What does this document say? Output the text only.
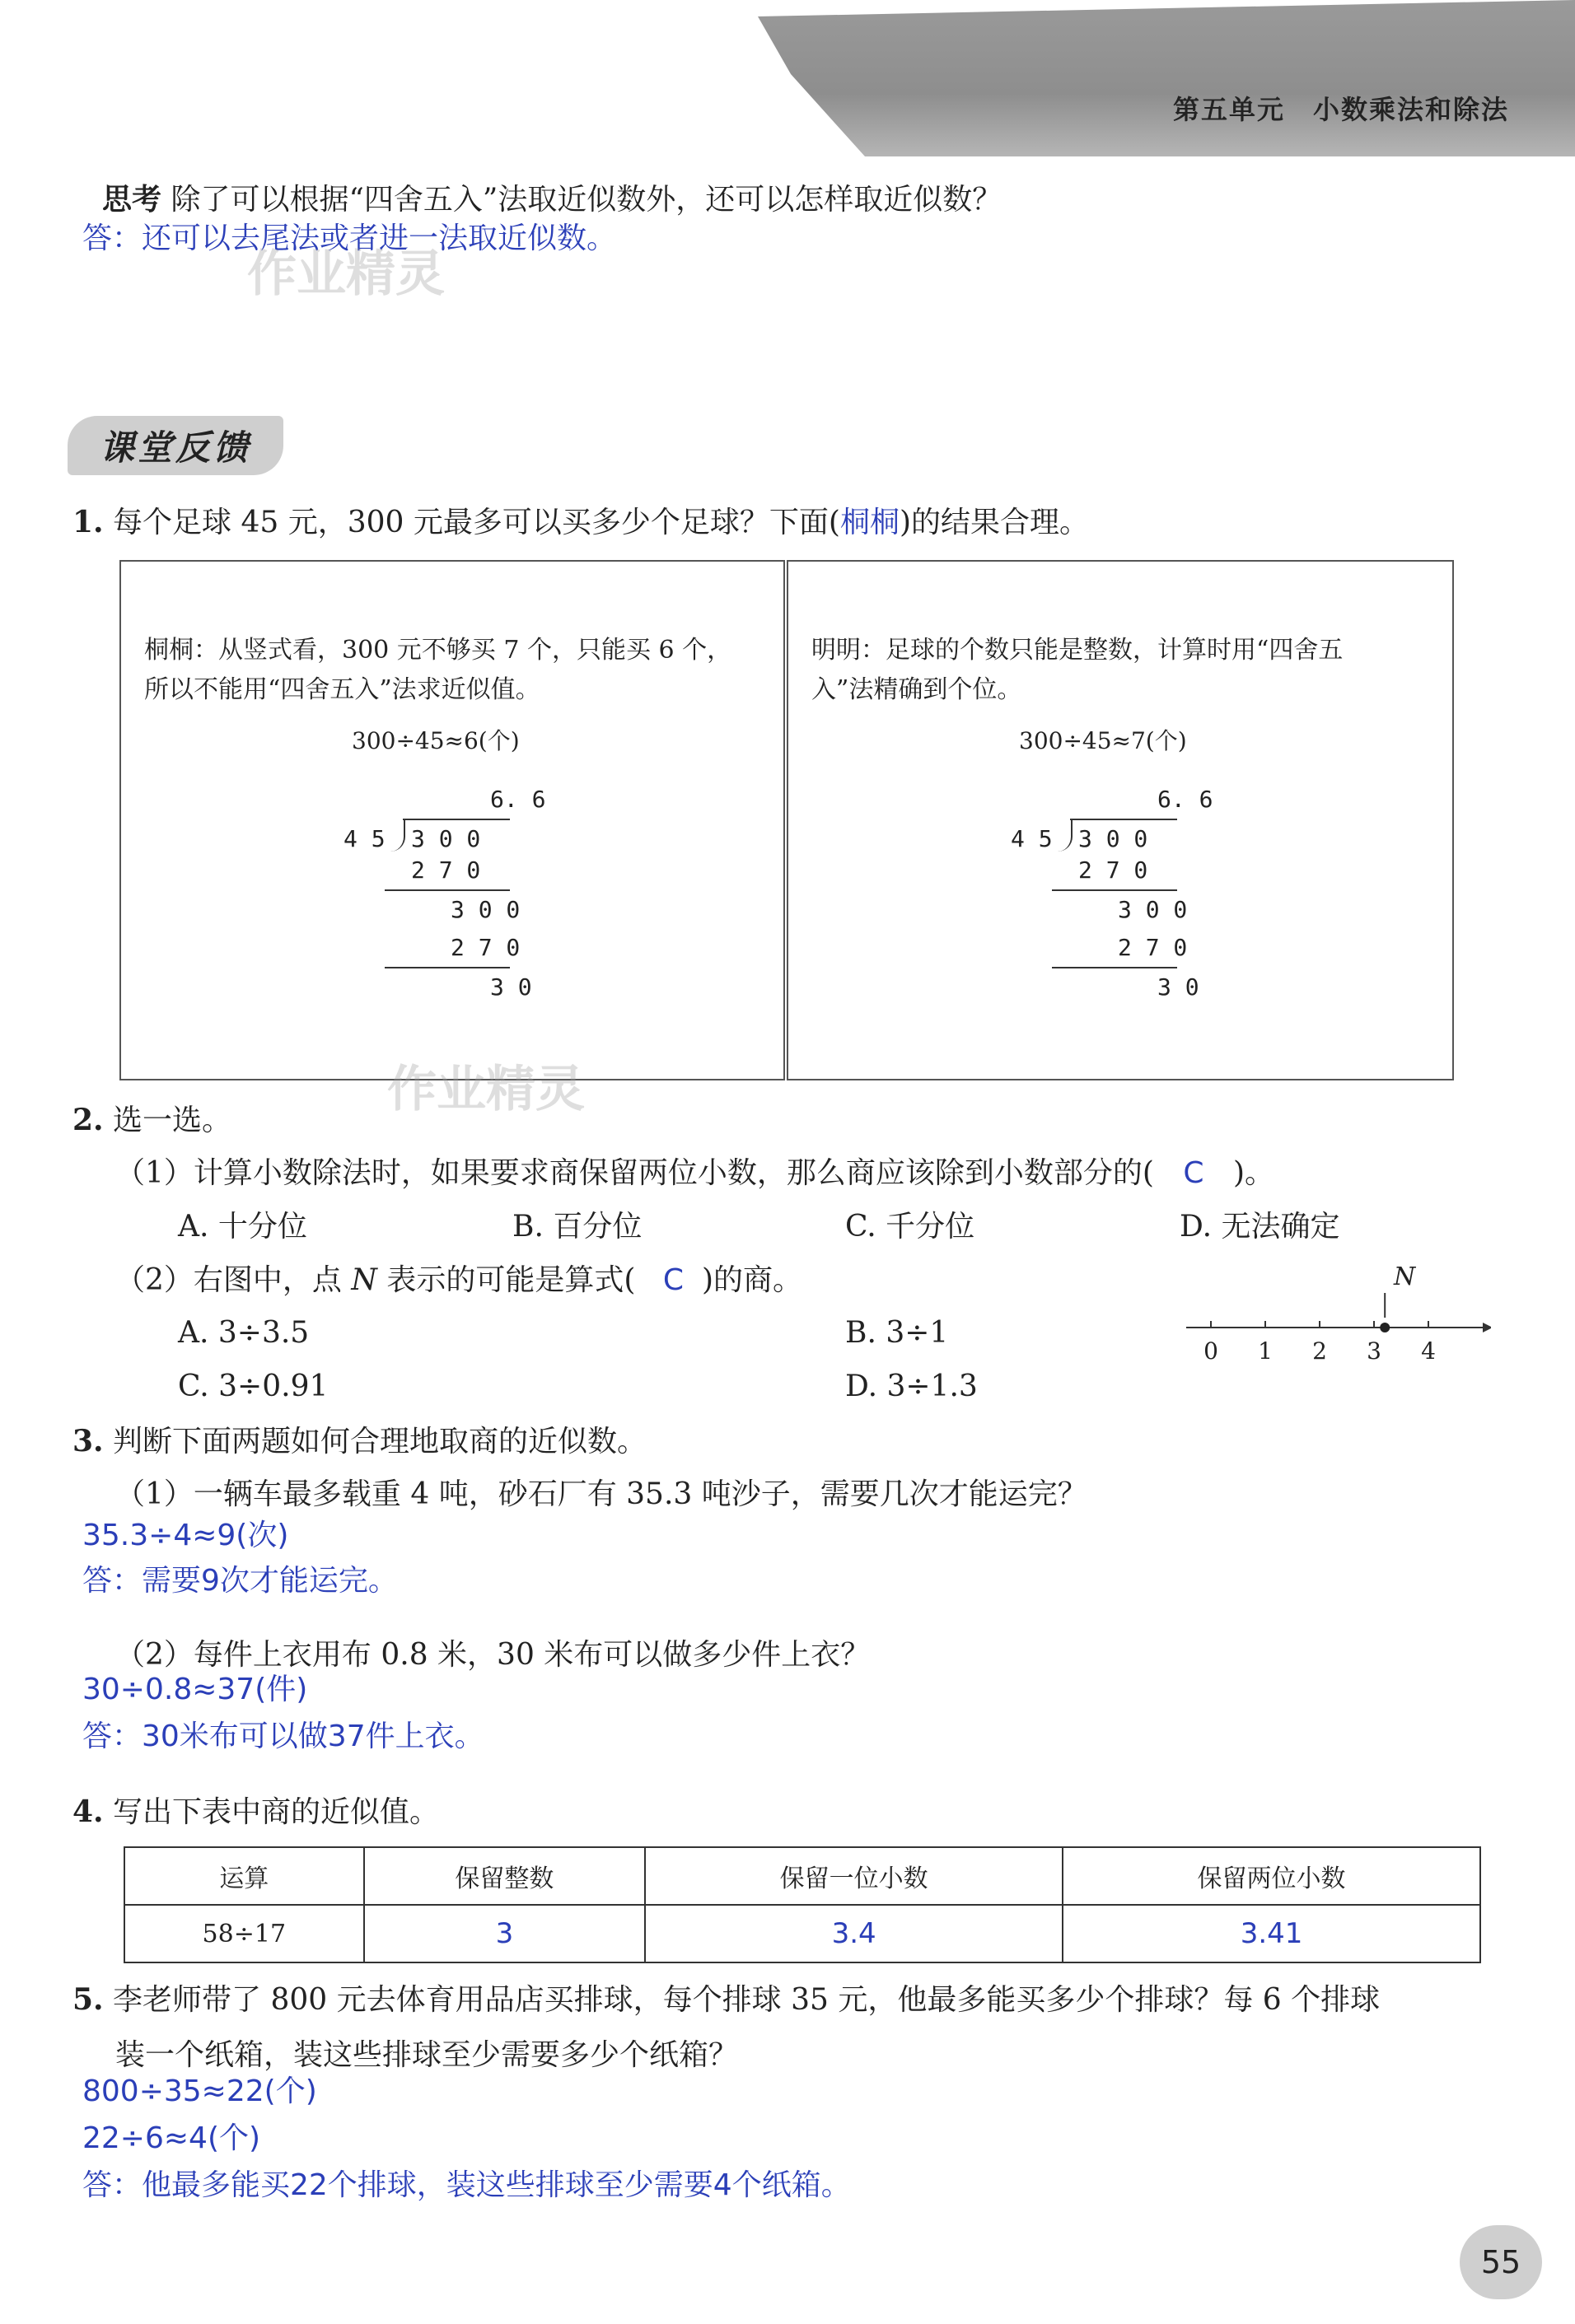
第五单元　小数乘法和除法
思考 除了可以根据“四舍五入”法取近似数外，还可以怎样取近似数？
答：还可以去尾法或者进一法取近似数。
作业精灵
课堂反馈
1. 每个足球 45 元，300 元最多可以买多少个足球？下面(桐桐)的结果合理。
桐桐：从竖式看，300 元不够买 7 个，只能买 6 个，
所以不能用“四舍五入”法求近似值。
300÷45≈6(个)
6. 6
4 5 3 0 0
2 7 0
3 0 0
2 7 0
3 0
明明：足球的个数只能是整数，计算时用“四舍五
入”法精确到个位。
300÷45≈7(个)
6. 6
4 5 3 0 0
2 7 0
3 0 0
2 7 0
3 0
作业精灵
2. 选一选。
（1）计算小数除法时，如果要求商保留两位小数，那么商应该除到小数部分的( C )。
A. 十分位	B. 百分位	C. 千分位	D. 无法确定
（2）右图中，点 N 表示的可能是算式( C )的商。
A. 3÷3.5	B. 3÷1
C. 3÷0.91	D. 3÷1.3
N
0 1 2 3 4
3. 判断下面两题如何合理地取商的近似数。
（1）一辆车最多载重 4 吨，砂石厂有 35.3 吨沙子，需要几次才能运完？
35.3÷4≈9(次)
答：需要9次才能运完。
（2）每件上衣用布 0.8 米，30 米布可以做多少件上衣？
30÷0.8≈37(件)
答：30米布可以做37件上衣。
4. 写出下表中商的近似值。
运算	保留整数	保留一位小数	保留两位小数
58÷17	3	3.4	3.41
5. 李老师带了 800 元去体育用品店买排球，每个排球 35 元，他最多能买多少个排球？每 6 个排球
装一个纸箱，装这些排球至少需要多少个纸箱？
800÷35≈22(个)
22÷6≈4(个)
答：他最多能买22个排球，装这些排球至少需要4个纸箱。
55
